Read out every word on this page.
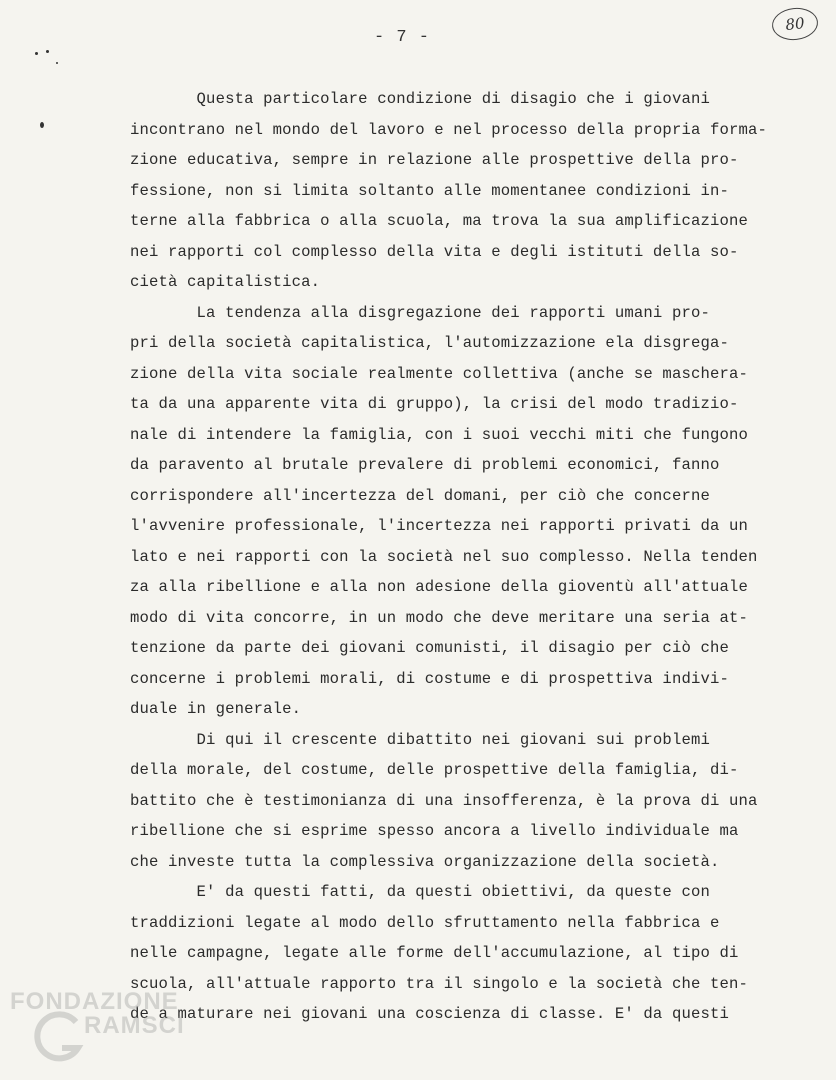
- 7 -
80
Questa particolare condizione di disagio che i giovani
incontrano nel mondo del lavoro e nel processo della propria forma-
zione educativa, sempre in relazione alle prospettive della pro-
fessione, non si limita soltanto alle momentanee condizioni in-
terne alla fabbrica o alla scuola, ma trova la sua amplificazione
nei rapporti col complesso della vita e degli istituti della so-
cietà capitalistica.
La tendenza alla disgregazione dei rapporti umani pro-
pri della società capitalistica, l'automizzazione ela disgrega-
zione della vita sociale realmente collettiva (anche se maschera-
ta da una apparente vita di gruppo), la crisi del modo tradizio-
nale di intendere la famiglia, con i suoi vecchi miti che fungono
da paravento al brutale prevalere di problemi economici, fanno
corrispondere all'incertezza del domani, per ciò che concerne
l'avvenire professionale, l'incertezza nei rapporti privati da un
lato e nei rapporti con la società nel suo complesso. Nella tenden
za alla ribellione e alla non adesione della gioventù all'attuale
modo di vita concorre, in un modo che deve meritare una seria at-
tenzione da parte dei giovani comunisti, il disagio per ciò che
concerne i problemi morali, di costume e di prospettiva indivi-
duale in generale.
Di qui il crescente dibattito nei giovani sui problemi
della morale, del costume, delle prospettive della famiglia, di-
battito che è testimonianza di una insofferenza, è la prova di una
ribellione che si esprime spesso ancora a livello individuale ma
che investe tutta la complessiva organizzazione della società.
E' da questi fatti, da questi obiettivi, da queste con
traddizioni legate al modo dello sfruttamento nella fabbrica e
nelle campagne, legate alle forme dell'accumulazione, al tipo di
scuola, all'attuale rapporto tra il singolo e la società che ten-
de a maturare nei giovani una coscienza di classe. E' da questi
FONDAZIONE
RAMSCI
